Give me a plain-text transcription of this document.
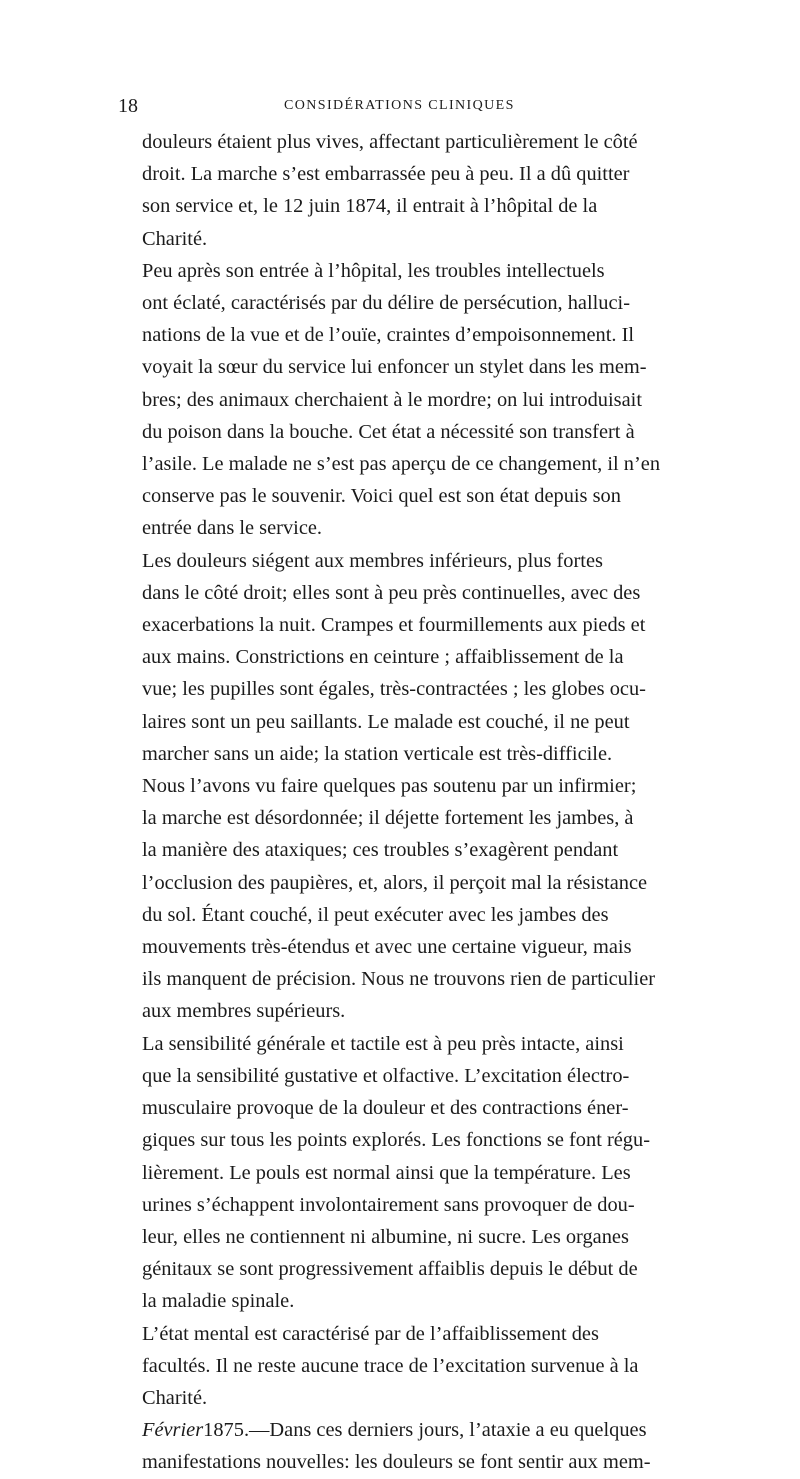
18	CONSIDÉRATIONS CLINIQUES

douleurs étaient plus vives, affectant particulièrement le côté
droit. La marche s’est embarrassée peu à peu. Il a dû quitter
son service et, le 12 juin 1874, il entrait à l’hôpital de la
Charité.

Peu après son entrée à l’hôpital, les troubles intellectuels
ont éclaté, caractérisés par du délire de persécution, halluci-
nations de la vue et de l’ouïe, craintes d’empoisonnement. Il
voyait la sœur du service lui enfoncer un stylet dans les mem-
bres; des animaux cherchaient à le mordre; on lui introduisait
du poison dans la bouche. Cet état a nécessité son transfert à
l’asile. Le malade ne s’est pas aperçu de ce changement, il n’en
conserve pas le souvenir. Voici quel est son état depuis son
entrée dans le service.

Les douleurs siégent aux membres inférieurs, plus fortes
dans le côté droit; elles sont à peu près continuelles, avec des
exacerbations la nuit. Crampes et fourmillements aux pieds et
aux mains. Constrictions en ceinture ; affaiblissement de la
vue; les pupilles sont égales, très-contractées ; les globes ocu-
laires sont un peu saillants. Le malade est couché, il ne peut
marcher sans un aide; la station verticale est très-difficile.
Nous l’avons vu faire quelques pas soutenu par un infirmier;
la marche est désordonnée; il déjette fortement les jambes, à
la manière des ataxiques; ces troubles s’exagèrent pendant
l’occlusion des paupières, et, alors, il perçoit mal la résistance
du sol. Étant couché, il peut exécuter avec les jambes des
mouvements très-étendus et avec une certaine vigueur, mais
ils manquent de précision. Nous ne trouvons rien de particulier
aux membres supérieurs.

La sensibilité générale et tactile est à peu près intacte, ainsi
que la sensibilité gustative et olfactive. L’excitation électro-
musculaire provoque de la douleur et des contractions éner-
giques sur tous les points explorés. Les fonctions se font régu-
lièrement. Le pouls est normal ainsi que la température. Les
urines s’échappent involontairement sans provoquer de dou-
leur, elles ne contiennent ni albumine, ni sucre. Les organes
génitaux se sont progressivement affaiblis depuis le début de
la maladie spinale.

L’état mental est caractérisé par de l’affaiblissement des
facultés. Il ne reste aucune trace de l’excitation survenue à la
Charité.

Février1875.—Dans ces derniers jours, l’ataxie a eu quelques
manifestations nouvelles: les douleurs se font sentir aux mem-
